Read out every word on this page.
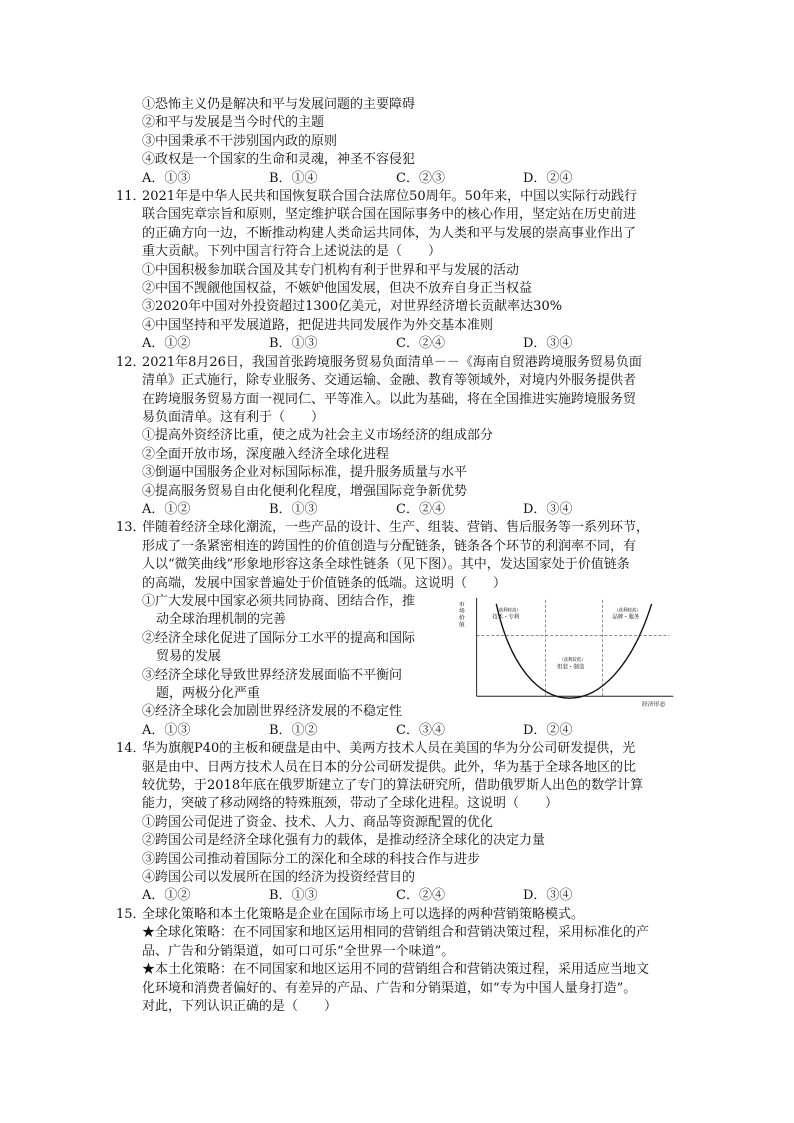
①恐怖主义仍是解决和平与发展问题的主要障碍
②和平与发展是当今时代的主题
③中国秉承不干涉别国内政的原则
④政权是一个国家的生命和灵魂，神圣不容侵犯
A．①③	B．①④	C．②③	D．②④
11．
2021年是中华人民共和国恢复联合国合法席位50周年。50年来，中国以实际行动践行
联合国宪章宗旨和原则，坚定维护联合国在国际事务中的核心作用，坚定站在历史前进
的正确方向一边，不断推动构建人类命运共同体，为人类和平与发展的崇高事业作出了
重大贡献。下列中国言行符合上述说法的是（　　）
①中国积极参加联合国及其专门机构有利于世界和平与发展的活动
②中国不觊觎他国权益，不嫉妒他国发展，但决不放弃自身正当权益
③2020年中国对外投资超过1300亿美元，对世界经济增长贡献率达30%
④中国坚持和平发展道路，把促进共同发展作为外交基本准则
A．①②	B．①③	C．②④	D．③④
12．
2021年8月26日，我国首张跨境服务贸易负面清单－－《海南自贸港跨境服务贸易负面
清单》正式施行，除专业服务、交通运输、金融、教育等领域外，对境内外服务提供者
在跨境服务贸易方面一视同仁、平等准入。以此为基础，将在全国推进实施跨境服务贸
易负面清单。这有利于（　　）
①提高外资经济比重，使之成为社会主义市场经济的组成部分
②全面开放市场，深度融入经济全球化进程
③倒逼中国服务企业对标国际标准，提升服务质量与水平
④提高服务贸易自由化便利化程度，增强国际竞争新优势
A．①②	B．①③	C．②④	D．③④
13．
伴随着经济全球化潮流，一些产品的设计、生产、组装、营销、售后服务等一系列环节，
形成了一条紧密相连的跨国性的价值创造与分配链条，链条各个环节的利润率不同，有
人以“微笑曲线”形象地形容这条全球性链条（见下图）。其中，发达国家处于价值链条
的高端，发展中国家普遍处于价值链条的低端。这说明（　　）
①广大发展中国家必须共同协商、团结合作，推
动全球治理机制的完善
②经济全球化促进了国际分工水平的提高和国际
贸易的发展
③经济全球化导致世界经济发展面临不平衡问
题，两极分化严重
④经济全球化会加剧世界经济发展的不稳定性
市
场
价
值
（获利较高）
技术・专利
（获利较高）
品牌・服务
（获利较低）
组装・制造
经济形态
A．①③	B．①②	C．③④	D．②④
14．
华为旗舰P40的主板和硬盘是由中、美两方技术人员在美国的华为分公司研发提供，光
驱是由中、日两方技术人员在日本的分公司研发提供。此外，华为基于全球各地区的比
较优势，于2018年底在俄罗斯建立了专门的算法研究所，借助俄罗斯人出色的数学计算
能力，突破了移动网络的特殊瓶颈，带动了全球化进程。这说明（　　）
①跨国公司促进了资金、技术、人力、商品等资源配置的优化
②跨国公司是经济全球化强有力的载体，是推动经济全球化的决定力量
③跨国公司推动着国际分工的深化和全球的科技合作与进步
④跨国公司以发展所在国的经济为投资经营目的
A．①②	B．①③	C．②④	D．③④
15．
全球化策略和本土化策略是企业在国际市场上可以选择的两种营销策略模式。
★全球化策略：在不同国家和地区运用相同的营销组合和营销决策过程，采用标准化的产
品、广告和分销渠道，如可口可乐“全世界一个味道”。
★本土化策略：在不同国家和地区运用不同的营销组合和营销决策过程，采用适应当地文
化环境和消费者偏好的、有差异的产品、广告和分销渠道，如“专为中国人量身打造”。
对此，下列认识正确的是（　　）
